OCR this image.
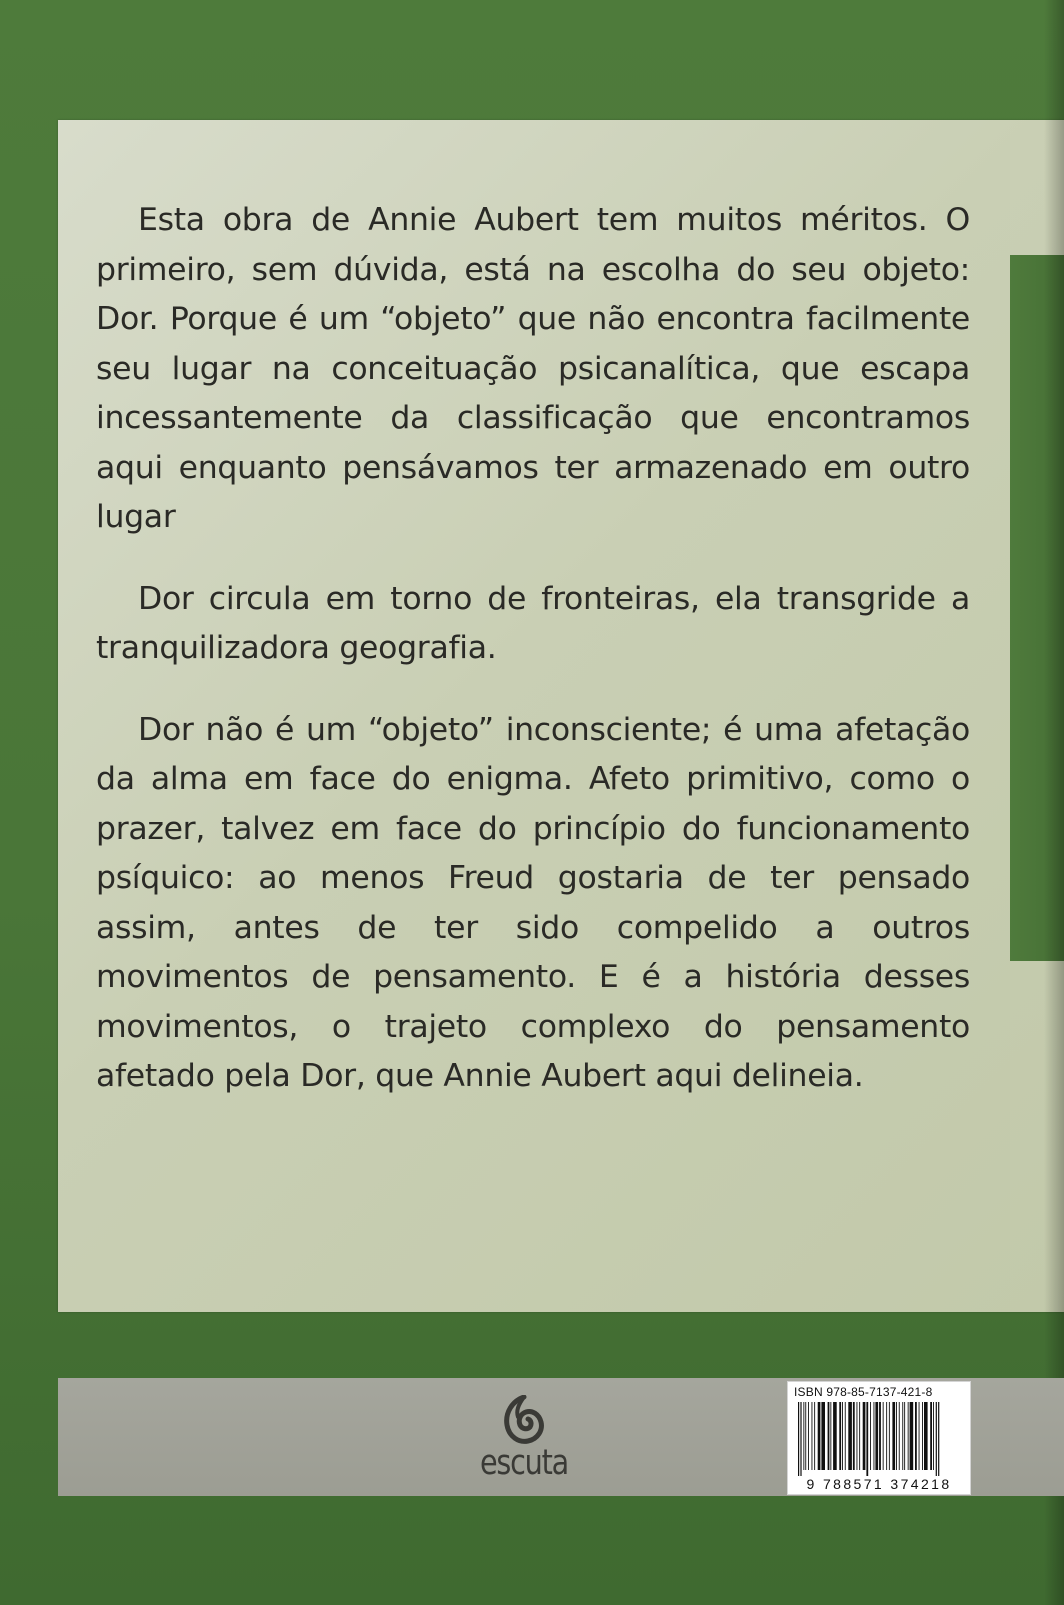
Esta obra de Annie Aubert tem muitos méritos. O primeiro, sem dúvida, está na escolha do seu objeto: Dor. Porque é um “objeto” que não encontra facilmente seu lugar na conceituação psicanalítica, que escapa incessantemente da classificação que encontramos aqui enquanto pensávamos ter armazenado em outro lugar

Dor circula em torno de fronteiras, ela transgride a tranquilizadora geografia.

Dor não é um “objeto” inconsciente; é uma afetação da alma em face do enigma. Afeto primitivo, como o prazer, talvez em face do princípio do funcionamento psíquico: ao menos Freud gostaria de ter pensado assim, antes de ter sido compelido a outros movimentos de pensamento. E é a história desses movimentos, o trajeto complexo do pensamento afetado pela Dor, que Annie Aubert aqui delineia.

escuta
ISBN 978-85-7137-421-8
9 788571 374218
